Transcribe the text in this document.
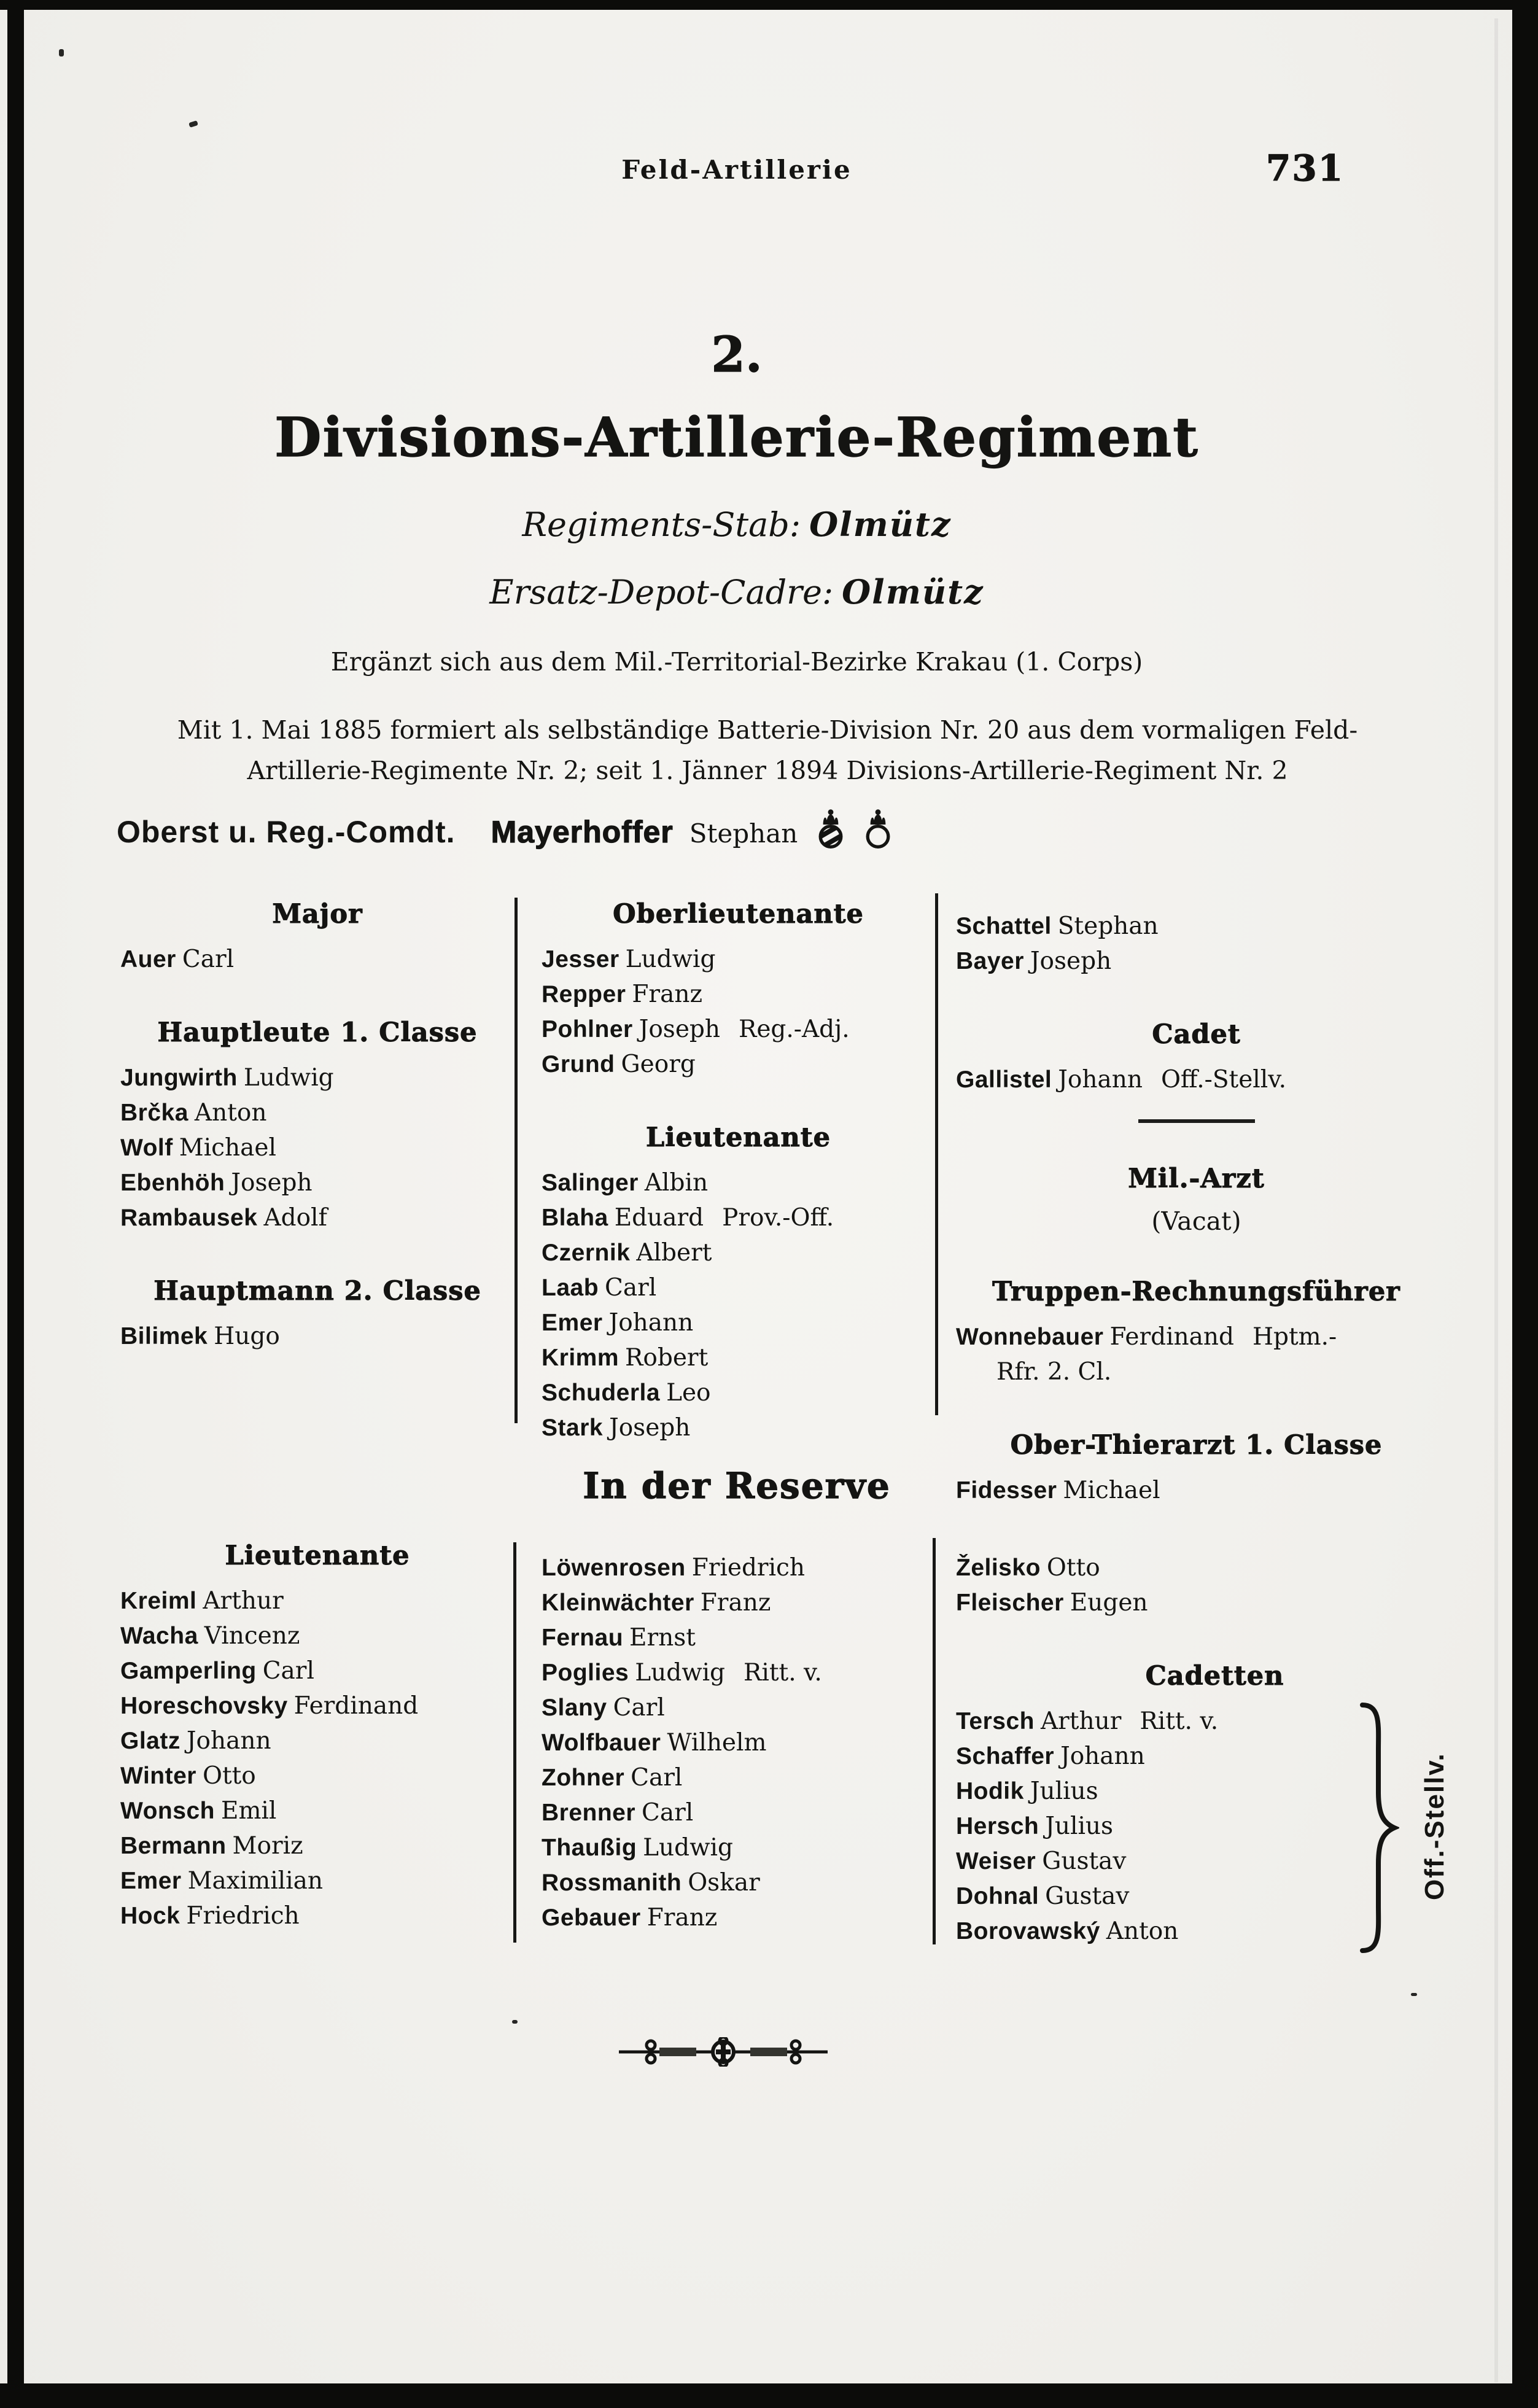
Feld-Artillerie	731
2.
Divisions-Artillerie-Regiment
Regiments-Stab: Olmütz
Ersatz-Depot-Cadre: Olmütz
Ergänzt sich aus dem Mil.-Territorial-Bezirke Krakau (1. Corps)
Mit 1. Mai 1885 formiert als selbständige Batterie-Division Nr. 20 aus dem vormaligen Feld-
Artillerie-Regimente Nr. 2; seit 1. Jänner 1894 Divisions-Artillerie-Regiment Nr. 2
Oberst u. Reg.-Comdt. Mayerhoffer Stephan
Major
Auer Carl
Hauptleute 1. Classe
Jungwirth Ludwig
Brčka Anton
Wolf Michael
Ebenhöh Joseph
Rambausek Adolf
Hauptmann 2. Classe
Bilimek Hugo
Oberlieutenante
Jesser Ludwig
Repper Franz
Pohlner Joseph Reg.-Adj.
Grund Georg
Lieutenante
Salinger Albin
Blaha Eduard Prov.-Off.
Czernik Albert
Laab Carl
Emer Johann
Krimm Robert
Schuderla Leo
Stark Joseph
Schattel Stephan
Bayer Joseph
Cadet
Gallistel Johann Off.-Stellv.
Mil.-Arzt
(Vacat)
Truppen-Rechnungsführer
Wonnebauer Ferdinand Hptm.-
Rfr. 2. Cl.
Ober-Thierarzt 1. Classe
Fidesser Michael
In der Reserve
Lieutenante
Kreiml Arthur
Wacha Vincenz
Gamperling Carl
Horeschovsky Ferdinand
Glatz Johann
Winter Otto
Wonsch Emil
Bermann Moriz
Emer Maximilian
Hock Friedrich
Löwenrosen Friedrich
Kleinwächter Franz
Fernau Ernst
Poglies Ludwig Ritt. v.
Slany Carl
Wolfbauer Wilhelm
Zohner Carl
Brenner Carl
Thaußig Ludwig
Rossmanith Oskar
Gebauer Franz
Želisko Otto
Fleischer Eugen
Cadetten
Tersch Arthur Ritt. v.
Schaffer Johann
Hodik Julius
Hersch Julius
Weiser Gustav
Dohnal Gustav
Borovawský Anton
Off.-Stellv.
